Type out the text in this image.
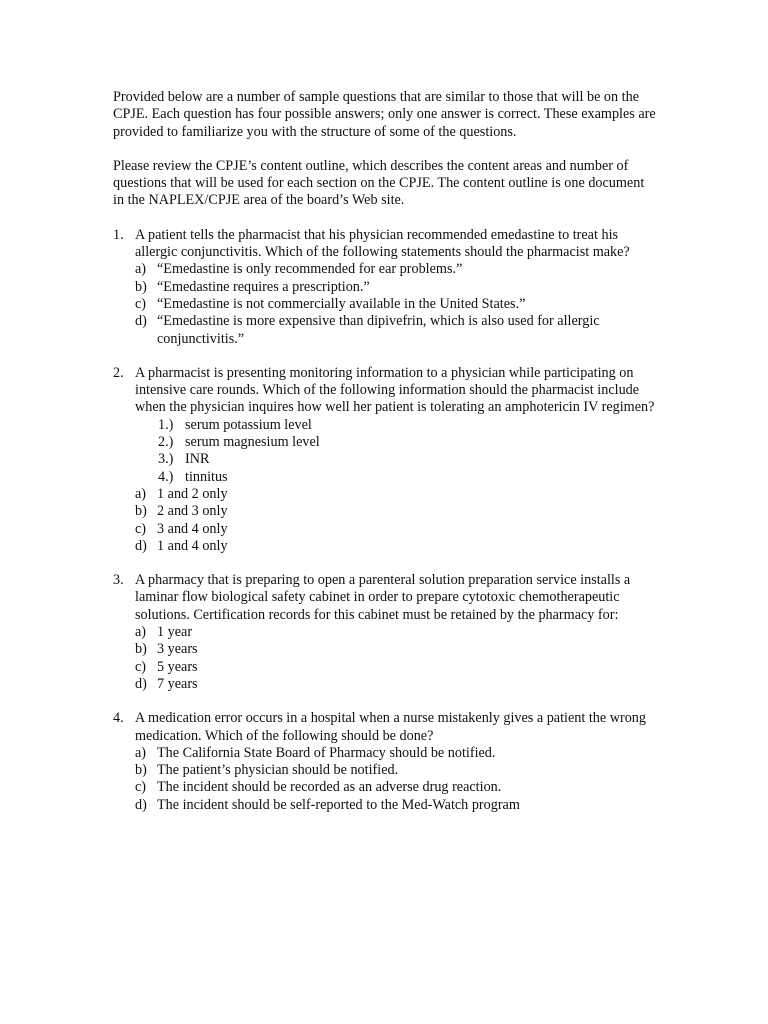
Provided below are a number of sample questions that are similar to those that will be on the CPJE. Each question has four possible answers; only one answer is correct. These examples are provided to familiarize you with the structure of some of the questions.

Please review the CPJE’s content outline, which describes the content areas and number of questions that will be used for each section on the CPJE. The content outline is one document in the NAPLEX/CPJE area of the board’s Web site.

1. A patient tells the pharmacist that his physician recommended emedastine to treat his allergic conjunctivitis. Which of the following statements should the pharmacist make?
a) “Emedastine is only recommended for ear problems.”
b) “Emedastine requires a prescription.”
c) “Emedastine is not commercially available in the United States.”
d) “Emedastine is more expensive than dipivefrin, which is also used for allergic conjunctivitis.”
2. A pharmacist is presenting monitoring information to a physician while participating on intensive care rounds. Which of the following information should the pharmacist include when the physician inquires how well her patient is tolerating an amphotericin IV regimen?
1.) serum potassium level
2.) serum magnesium level
3.) INR
4.) tinnitus
a) 1 and 2 only
b) 2 and 3 only
c) 3 and 4 only
d) 1 and 4 only
3. A pharmacy that is preparing to open a parenteral solution preparation service installs a laminar flow biological safety cabinet in order to prepare cytotoxic chemotherapeutic solutions. Certification records for this cabinet must be retained by the pharmacy for:
a) 1 year
b) 3 years
c) 5 years
d) 7 years
4. A medication error occurs in a hospital when a nurse mistakenly gives a patient the wrong medication. Which of the following should be done?
a) The California State Board of Pharmacy should be notified.
b) The patient’s physician should be notified.
c) The incident should be recorded as an adverse drug reaction.
d) The incident should be self-reported to the Med-Watch program
